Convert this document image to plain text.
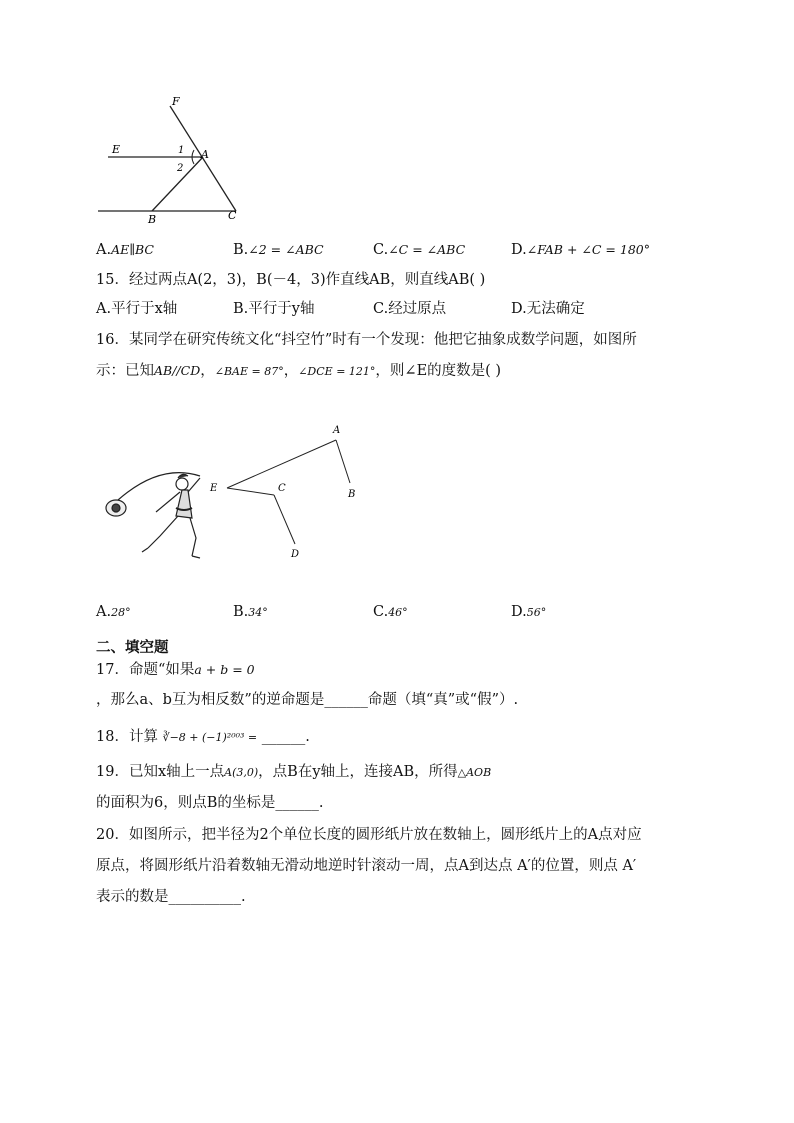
F
E	A
1
2
B	C
A.AE∥BC	B.∠2 = ∠ABC	C.∠C = ∠ABC	D.∠FAB + ∠C = 180°
15．经过两点A(2，3)，B(－4，3)作直线AB，则直线AB( )
A.平行于x轴	B.平行于y轴	C.经过原点	D.无法确定
16．某同学在研究传统文化“抖空竹”时有一个发现：他把它抽象成数学问题，如图所
示：已知AB//CD，∠BAE = 87°，∠DCE = 121°，则∠E的度数是( )
A
B
C
D
E
A.28°	B.34°	C.46°	D.56°
二、填空题
17．命题“如果a + b = 0
，那么a、b互为相反数”的逆命题是______命题（填“真”或“假”）.
18．计算 ∛−8 + (−1)²⁰⁰³ = ______.
19．已知x轴上一点A(3,0)，点B在y轴上，连接AB，所得△AOB
的面积为6，则点B的坐标是______.
20．如图所示，把半径为2个单位长度的圆形纸片放在数轴上，圆形纸片上的A点对应
原点，将圆形纸片沿着数轴无滑动地逆时针滚动一周，点A到达点 A′的位置，则点 A′
表示的数是__________.
